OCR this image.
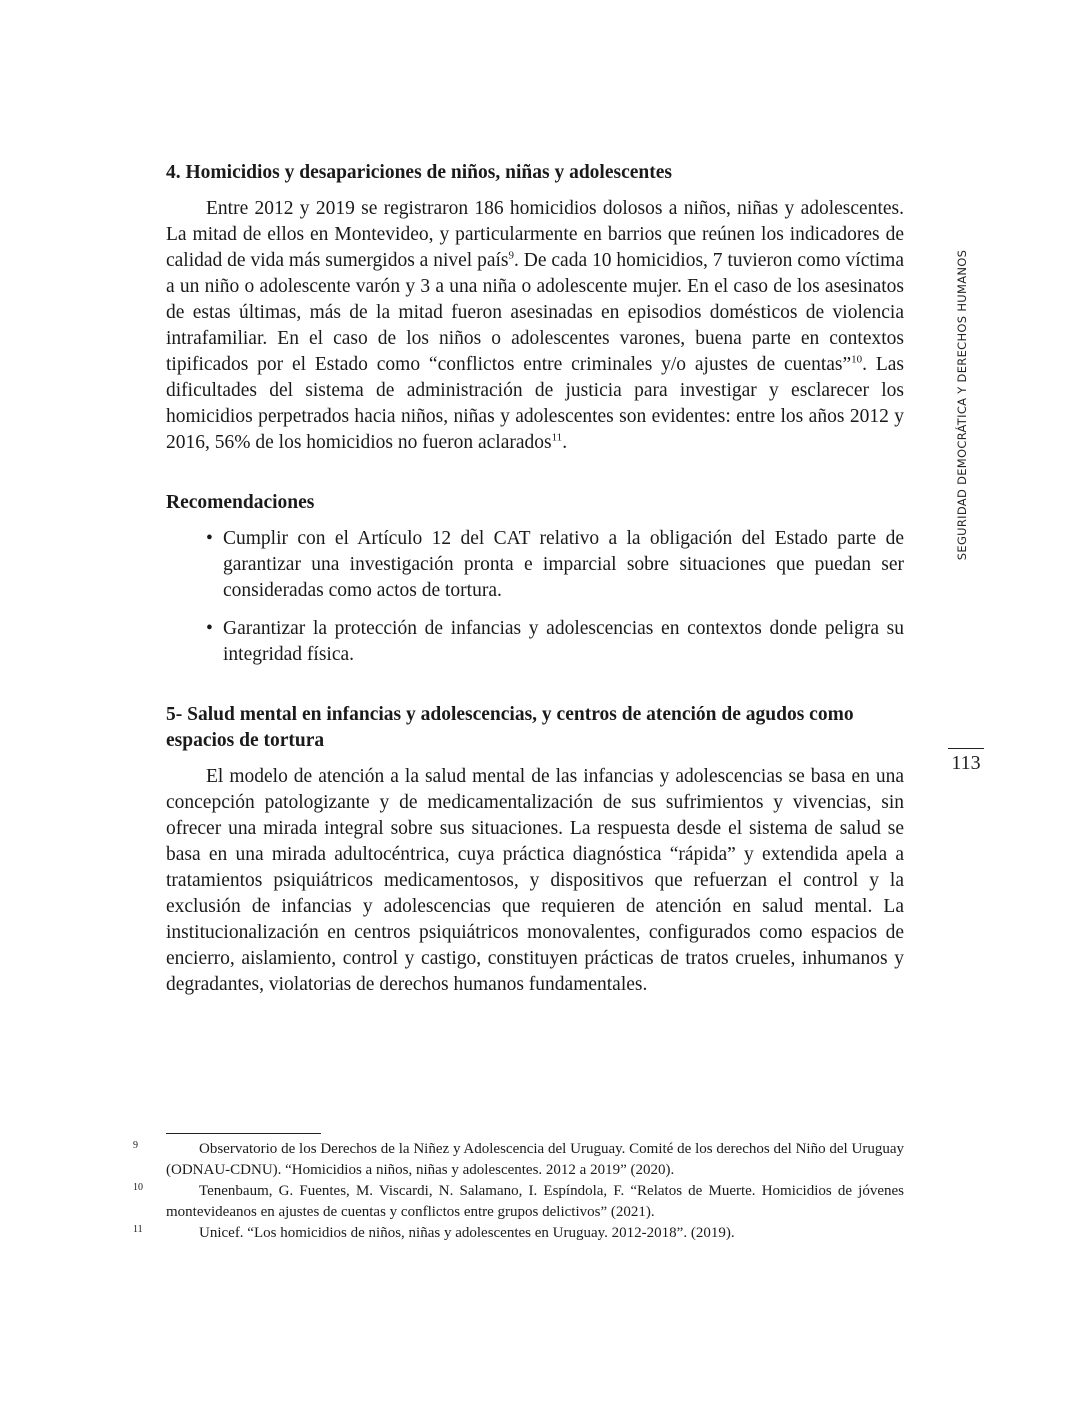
4. Homicidios y desapariciones de niños, niñas y adolescentes

Entre 2012 y 2019 se registraron 186 homicidios dolosos a niños, niñas y adolescentes. La mitad de ellos en Montevideo, y particularmente en barrios que reúnen los indicadores de calidad de vida más sumergidos a nivel país$^9$. De cada 10 homicidios, 7 tuvieron como víctima a un niño o adolescente varón y 3 a una niña o adolescente mujer. En el caso de los asesinatos de estas últimas, más de la mitad fueron asesinadas en episodios domésticos de violencia intrafamiliar. En el caso de los niños o adolescentes varones, buena parte en contextos tipificados por el Estado como “conflictos entre criminales y/o ajustes de cuentas”$^{10}$. Las dificultades del sistema de administración de justicia para investigar y esclarecer los homicidios perpetrados hacia niños, niñas y adolescentes son evidentes: entre los años 2012 y 2016, 56% de los homicidios no fueron aclarados$^{11}$.

Recomendaciones
• Cumplir con el Artículo 12 del CAT relativo a la obligación del Estado parte de garantizar una investigación pronta e imparcial sobre situaciones que puedan ser consideradas como actos de tortura.
• Garantizar la protección de infancias y adolescencias en contextos donde peligra su integridad física.
5- Salud mental en infancias y adolescencias, y centros de atención de agudos como espacios de tortura

El modelo de atención a la salud mental de las infancias y adolescencias se basa en una concepción patologizante y de medicamentalización de sus sufrimientos y vivencias, sin ofrecer una mirada integral sobre sus situaciones. La respuesta desde el sistema de salud se basa en una mirada adultocéntrica, cuya práctica diagnóstica “rápida” y extendida apela a tratamientos psiquiátricos medicamentosos, y dispositivos que refuerzan el control y la exclusión de infancias y adolescencias que requieren de atención en salud mental. La institucionalización en centros psiquiátricos monovalentes, configurados como espacios de encierro, aislamiento, control y castigo, constituyen prácticas de tratos crueles, inhumanos y degradantes, violatorias de derechos humanos fundamentales.

SEGURIDAD DEMOCRÁTICA Y DERECHOS HUMANOS
113

9	Observatorio de los Derechos de la Niñez y Adolescencia del Uruguay. Comité de los derechos del Niño del Uruguay (ODNAU-CDNU). “Homicidios a niños, niñas y adolescentes. 2012 a 2019” (2020).

10	Tenenbaum, G. Fuentes, M. Viscardi, N. Salamano, I. Espíndola, F. “Relatos de Muerte. Homicidios de jóvenes montevideanos en ajustes de cuentas y conflictos entre grupos delictivos” (2021).

11	Unicef. “Los homicidios de niños, niñas y adolescentes en Uruguay. 2012-2018”. (2019).
